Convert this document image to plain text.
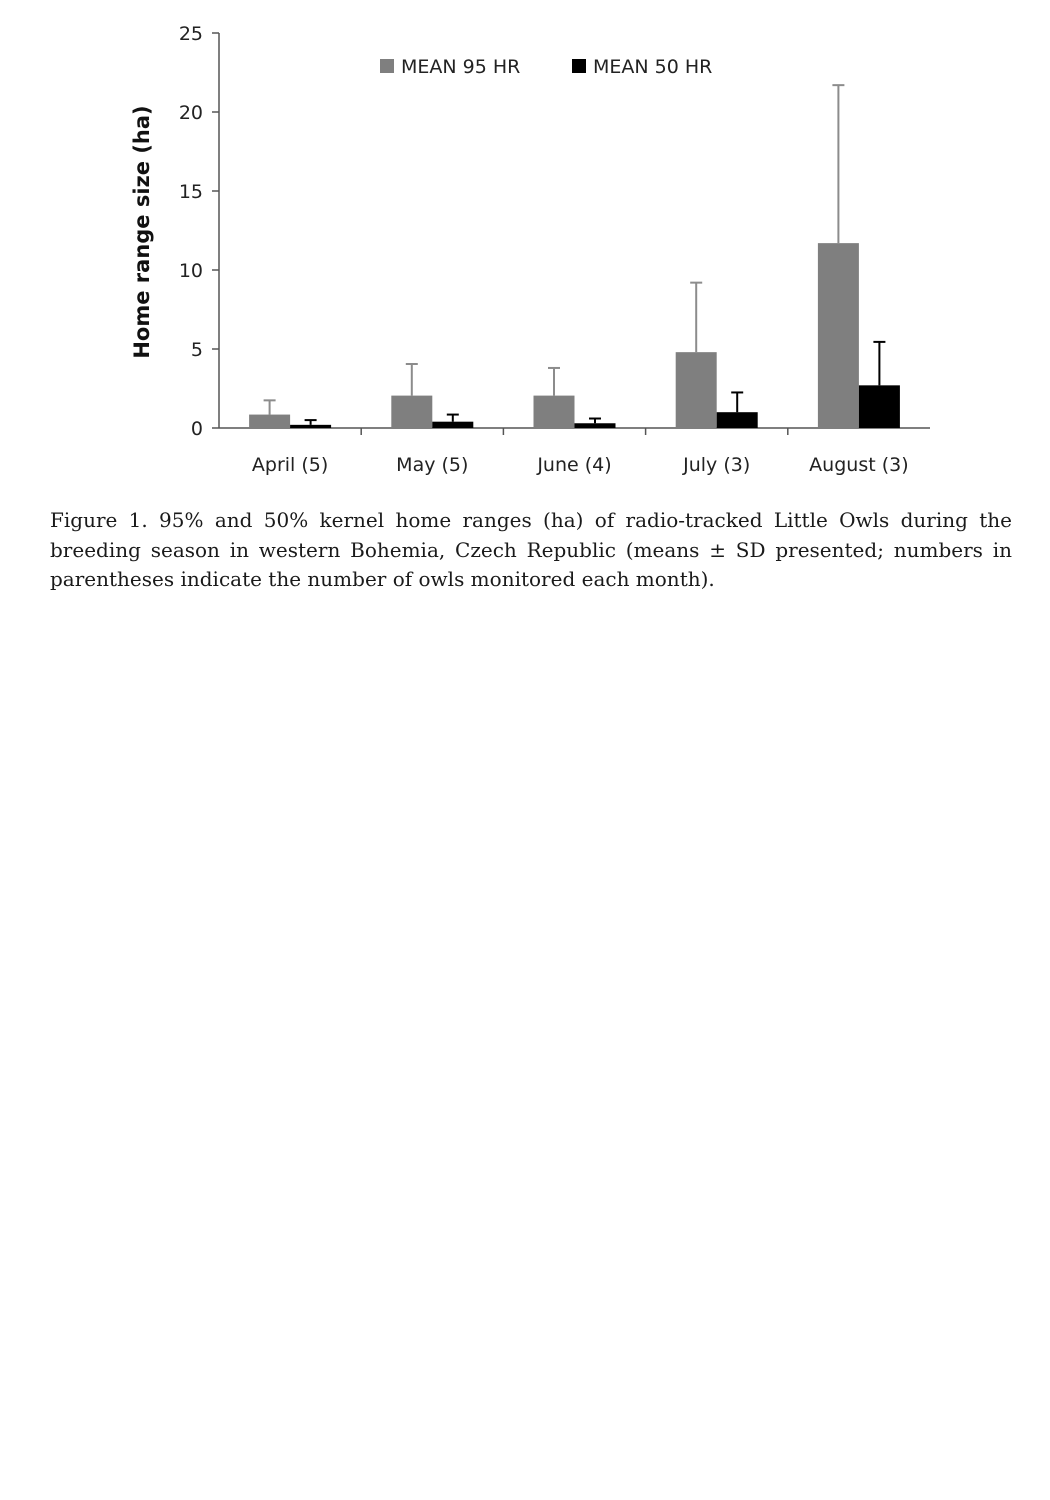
0
5
10
15
20
25
April (5)	May (5)	June (4)	July (3)	August (3)
MEAN 95 HR	MEAN 50 HR
Home range size (ha)

Figure 1. 95% and 50% kernel home ranges (ha) of radio-tracked Little Owls during the breeding season in western Bohemia, Czech Republic (means ± SD presented; numbers in parentheses indicate the number of owls monitored each month).
